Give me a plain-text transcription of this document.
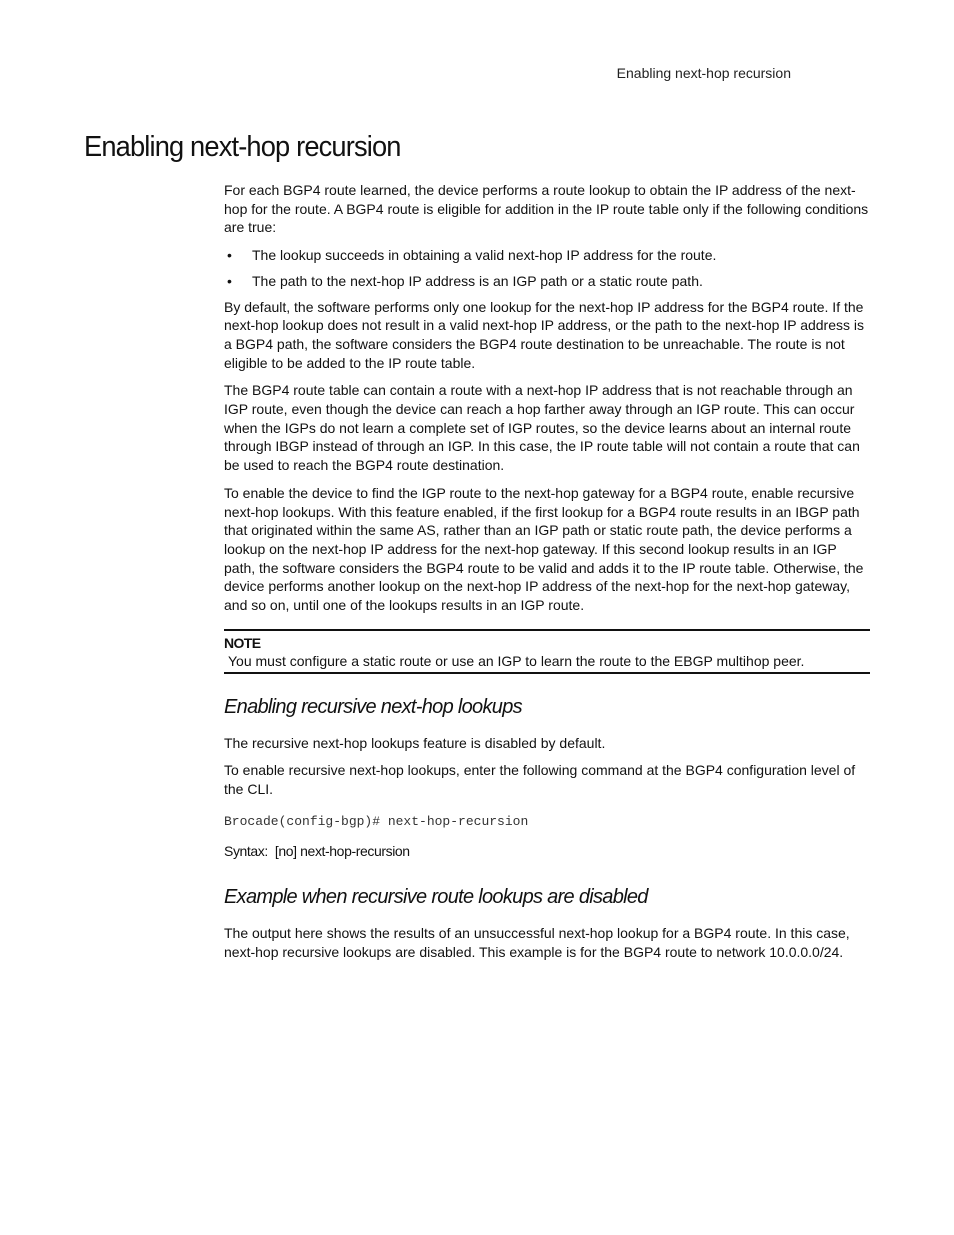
Enabling next-hop recursion
Enabling next-hop recursion

For each BGP4 route learned, the device performs a route lookup to obtain the IP address of the next-hop for the route. A BGP4 route is eligible for addition in the IP route table only if the following conditions are true:

• The lookup succeeds in obtaining a valid next-hop IP address for the route.
• The path to the next-hop IP address is an IGP path or a static route path.

By default, the software performs only one lookup for the next-hop IP address for the BGP4 route. If the next-hop lookup does not result in a valid next-hop IP address, or the path to the next-hop IP address is a BGP4 path, the software considers the BGP4 route destination to be unreachable. The route is not eligible to be added to the IP route table.

The BGP4 route table can contain a route with a next-hop IP address that is not reachable through an IGP route, even though the device can reach a hop farther away through an IGP route. This can occur when the IGPs do not learn a complete set of IGP routes, so the device learns about an internal route through IBGP instead of through an IGP. In this case, the IP route table will not contain a route that can be used to reach the BGP4 route destination.

To enable the device to find the IGP route to the next-hop gateway for a BGP4 route, enable recursive next-hop lookups. With this feature enabled, if the first lookup for a BGP4 route results in an IBGP path that originated within the same AS, rather than an IGP path or static route path, the device performs a lookup on the next-hop IP address for the next-hop gateway. If this second lookup results in an IGP path, the software considers the BGP4 route to be valid and adds it to the IP route table. Otherwise, the device performs another lookup on the next-hop IP address of the next-hop for the next-hop gateway, and so on, until one of the lookups results in an IGP route.

NOTE
You must configure a static route or use an IGP to learn the route to the EBGP multihop peer.
Enabling recursive next-hop lookups

The recursive next-hop lookups feature is disabled by default.

To enable recursive next-hop lookups, enter the following command at the BGP4 configuration level of the CLI.

Brocade(config-bgp)# next-hop-recursion
Syntax: [no] next-hop-recursion
Example when recursive route lookups are disabled

The output here shows the results of an unsuccessful next-hop lookup for a BGP4 route. In this case, next-hop recursive lookups are disabled. This example is for the BGP4 route to network 10.0.0.0/24.
